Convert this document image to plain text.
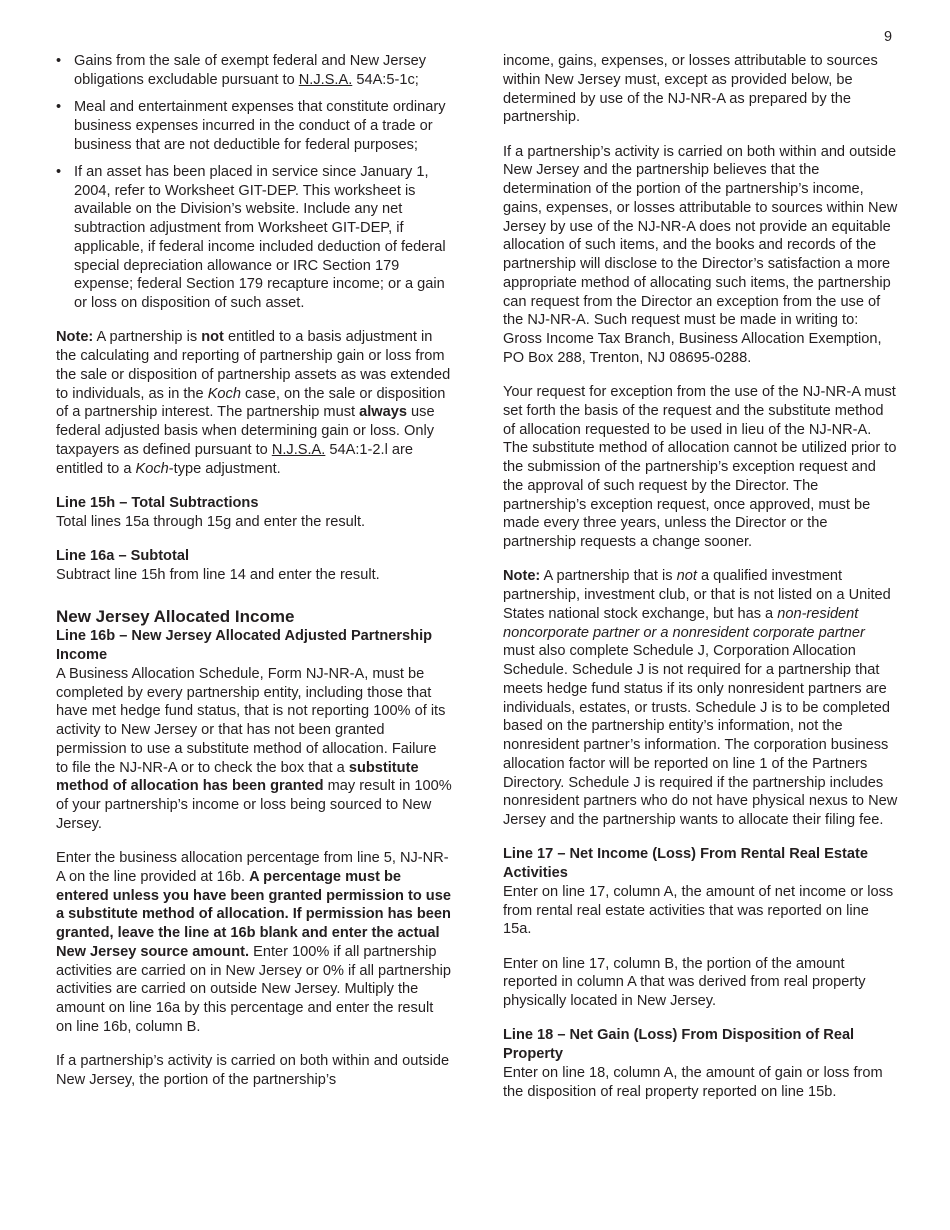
9
• Gains from the sale of exempt federal and New Jersey obligations excludable pursuant to N.J.S.A. 54A:5-1c;
• Meal and entertainment expenses that constitute ordinary business expenses incurred in the conduct of a trade or business that are not deductible for federal purposes;
• If an asset has been placed in service since January 1, 2004, refer to Worksheet GIT-DEP. This worksheet is available on the Division’s website. Include any net subtraction adjustment from Worksheet GIT-DEP, if applicable, if federal income included deduction of federal special depreciation allowance or IRC Section 179 expense; federal Section 179 recapture income; or a gain or loss on disposition of such asset.

Note: A partnership is not entitled to a basis adjustment in the calculating and reporting of partnership gain or loss from the sale or disposition of partnership assets as was extended to individuals, as in the Koch case, on the sale or disposition of a partnership interest. The partnership must always use federal adjusted basis when determining gain or loss. Only taxpayers as defined pursuant to N.J.S.A. 54A:1-2.l are entitled to a Koch-type adjustment.

Line 15h – Total Subtractions
Total lines 15a through 15g and enter the result.
Line 16a – Subtotal
Subtract line 15h from line 14 and enter the result.
New Jersey Allocated Income
Line 16b – New Jersey Allocated Adjusted Partnership Income

A Business Allocation Schedule, Form NJ-NR-A, must be completed by every partnership entity, including those that have met hedge fund status, that is not reporting 100% of its activity to New Jersey or that has not been granted permission to use a substitute method of allocation. Failure to file the NJ-NR-A or to check the box that a substitute method of allocation has been granted may result in 100% of your partnership’s income or loss being sourced to New Jersey.

Enter the business allocation percentage from line 5, NJ-NR-A on the line provided at 16b. A percentage must be entered unless you have been granted permission to use a substitute method of allocation. If permission has been granted, leave the line at 16b blank and enter the actual New Jersey source amount. Enter 100% if all partnership activities are carried on in New Jersey or 0% if all partnership activities are carried on outside New Jersey. Multiply the amount on line 16a by this percentage and enter the result on line 16b, column B.

If a partnership’s activity is carried on both within and outside New Jersey, the portion of the partnership’s

income, gains, expenses, or losses attributable to sources within New Jersey must, except as provided below, be determined by use of the NJ-NR-A as prepared by the partnership.

If a partnership’s activity is carried on both within and outside New Jersey and the partnership believes that the determination of the portion of the partnership’s income, gains, expenses, or losses attributable to sources within New Jersey by use of the NJ-NR-A does not provide an equitable allocation of such items, and the books and records of the partnership will disclose to the Director’s satisfaction a more appropriate method of allocating such items, the partnership can request from the Director an exception from the use of the NJ-NR-A. Such request must be made in writing to: Gross Income Tax Branch, Business Allocation Exemption, PO Box 288, Trenton, NJ 08695-0288.

Your request for exception from the use of the NJ-NR-A must set forth the basis of the request and the substitute method of allocation requested to be used in lieu of the NJ-NR-A. The substitute method of allocation cannot be utilized prior to the submission of the partnership’s exception request and the approval of such request by the Director. The partnership’s exception request, once approved, must be made every three years, unless the Director or the partnership requests a change sooner.

Note: A partnership that is not a qualified investment partnership, investment club, or that is not listed on a United States national stock exchange, but has a non-resident noncorporate partner or a nonresident corporate partner must also complete Schedule J, Corporation Allocation Schedule. Schedule J is not required for a partnership that meets hedge fund status if its only nonresident partners are individuals, estates, or trusts. Schedule J is to be completed based on the partnership entity’s information, not the nonresident partner’s information. The corporation business allocation factor will be reported on line 1 of the Partners Directory. Schedule J is required if the partnership includes nonresident partners who do not have physical nexus to New Jersey and the partnership wants to allocate their filing fee.

Line 17 – Net Income (Loss) From Rental Real Estate Activities

Enter on line 17, column A, the amount of net income or loss from rental real estate activities that was reported on line 15a.

Enter on line 17, column B, the portion of the amount reported in column A that was derived from real property physically located in New Jersey.

Line 18 – Net Gain (Loss) From Disposition of Real Property

Enter on line 18, column A, the amount of gain or loss from the disposition of real property reported on line 15b.
